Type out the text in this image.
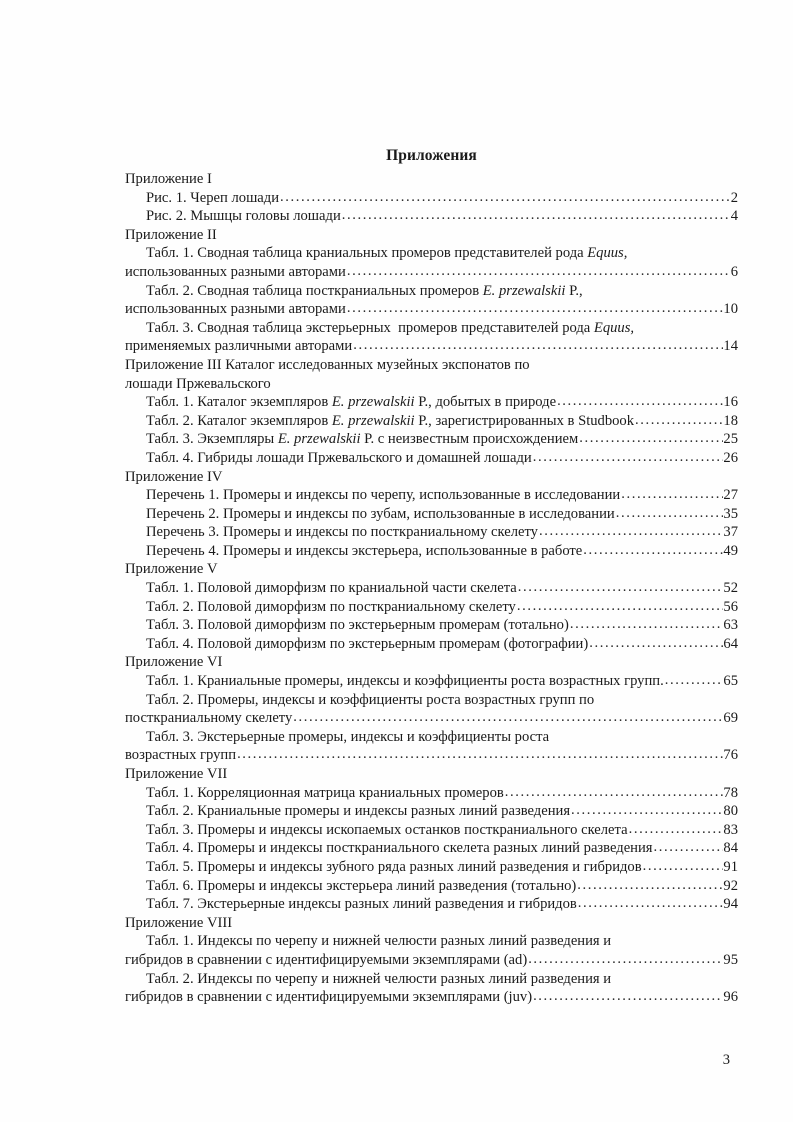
Приложения
Приложение I
Рис. 1. Череп лошади .....	2
Рис. 2. Мышцы головы лошади .....	4
Приложение II
Табл. 1. Сводная таблица краниальных промеров представителей рода Equus,
использованных разными авторами .....	6
Табл. 2. Сводная таблица посткраниальных промеров E. przewalskii Р.,
использованных разными авторами .....	10
Табл. 3. Сводная таблица экстерьерных  промеров представителей рода Equus,
применяемых различными авторами .....	14
Приложение III Каталог исследованных музейных экспонатов по
лошади Пржевальского
Табл. 1. Каталог экземпляров E. przewalskii Р., добытых в природе .....	16
Табл. 2. Каталог экземпляров E. przewalskii Р., зарегистрированных в Studbook .....	18
Табл. 3. Экземпляры E. przewalskii Р. с неизвестным происхождением .....	25
Табл. 4. Гибриды лошади Пржевальского и домашней лошади .....	26
Приложение IV
Перечень 1. Промеры и индексы по черепу, использованные в исследовании .....	27
Перечень 2. Промеры и индексы по зубам, использованные в исследовании .....	35
Перечень 3. Промеры и индексы по посткраниальному скелету .....	37
Перечень 4. Промеры и индексы экстерьера, использованные в работе .....	49
Приложение V
Табл. 1. Половой диморфизм по краниальной части скелета .....	52
Табл. 2. Половой диморфизм по посткраниальному скелету .....	56
Табл. 3. Половой диморфизм по экстерьерным промерам (тотально) .....	63
Табл. 4. Половой диморфизм по экстерьерным промерам (фотографии) .....	64
Приложение VI
Табл. 1. Краниальные промеры, индексы и коэффициенты роста возрастных групп. .....	65
Табл. 2. Промеры, индексы и коэффициенты роста возрастных групп по
посткраниальному скелету .....	69
Табл. 3. Экстерьерные промеры, индексы и коэффициенты роста
возрастных групп .....	76
Приложение VII
Табл. 1. Корреляционная матрица краниальных промеров .....	78
Табл. 2. Краниальные промеры и индексы разных линий разведения .....	80
Табл. 3. Промеры и индексы ископаемых останков посткраниального скелета .....	83
Табл. 4. Промеры и индексы посткраниального скелета разных линий разведения .....	84
Табл. 5. Промеры и индексы зубного ряда разных линий разведения и гибридов .....	91
Табл. 6. Промеры и индексы экстерьера линий разведения (тотально) .....	92
Табл. 7. Экстерьерные индексы разных линий разведения и гибридов .....	94
Приложение VIII
Табл. 1. Индексы по черепу и нижней челюсти разных линий разведения и
гибридов в сравнении с идентифицируемыми экземплярами (ad) .....	95
Табл. 2. Индексы по черепу и нижней челюсти разных линий разведения и
гибридов в сравнении с идентифицируемыми экземплярами (juv) .....	96
3
